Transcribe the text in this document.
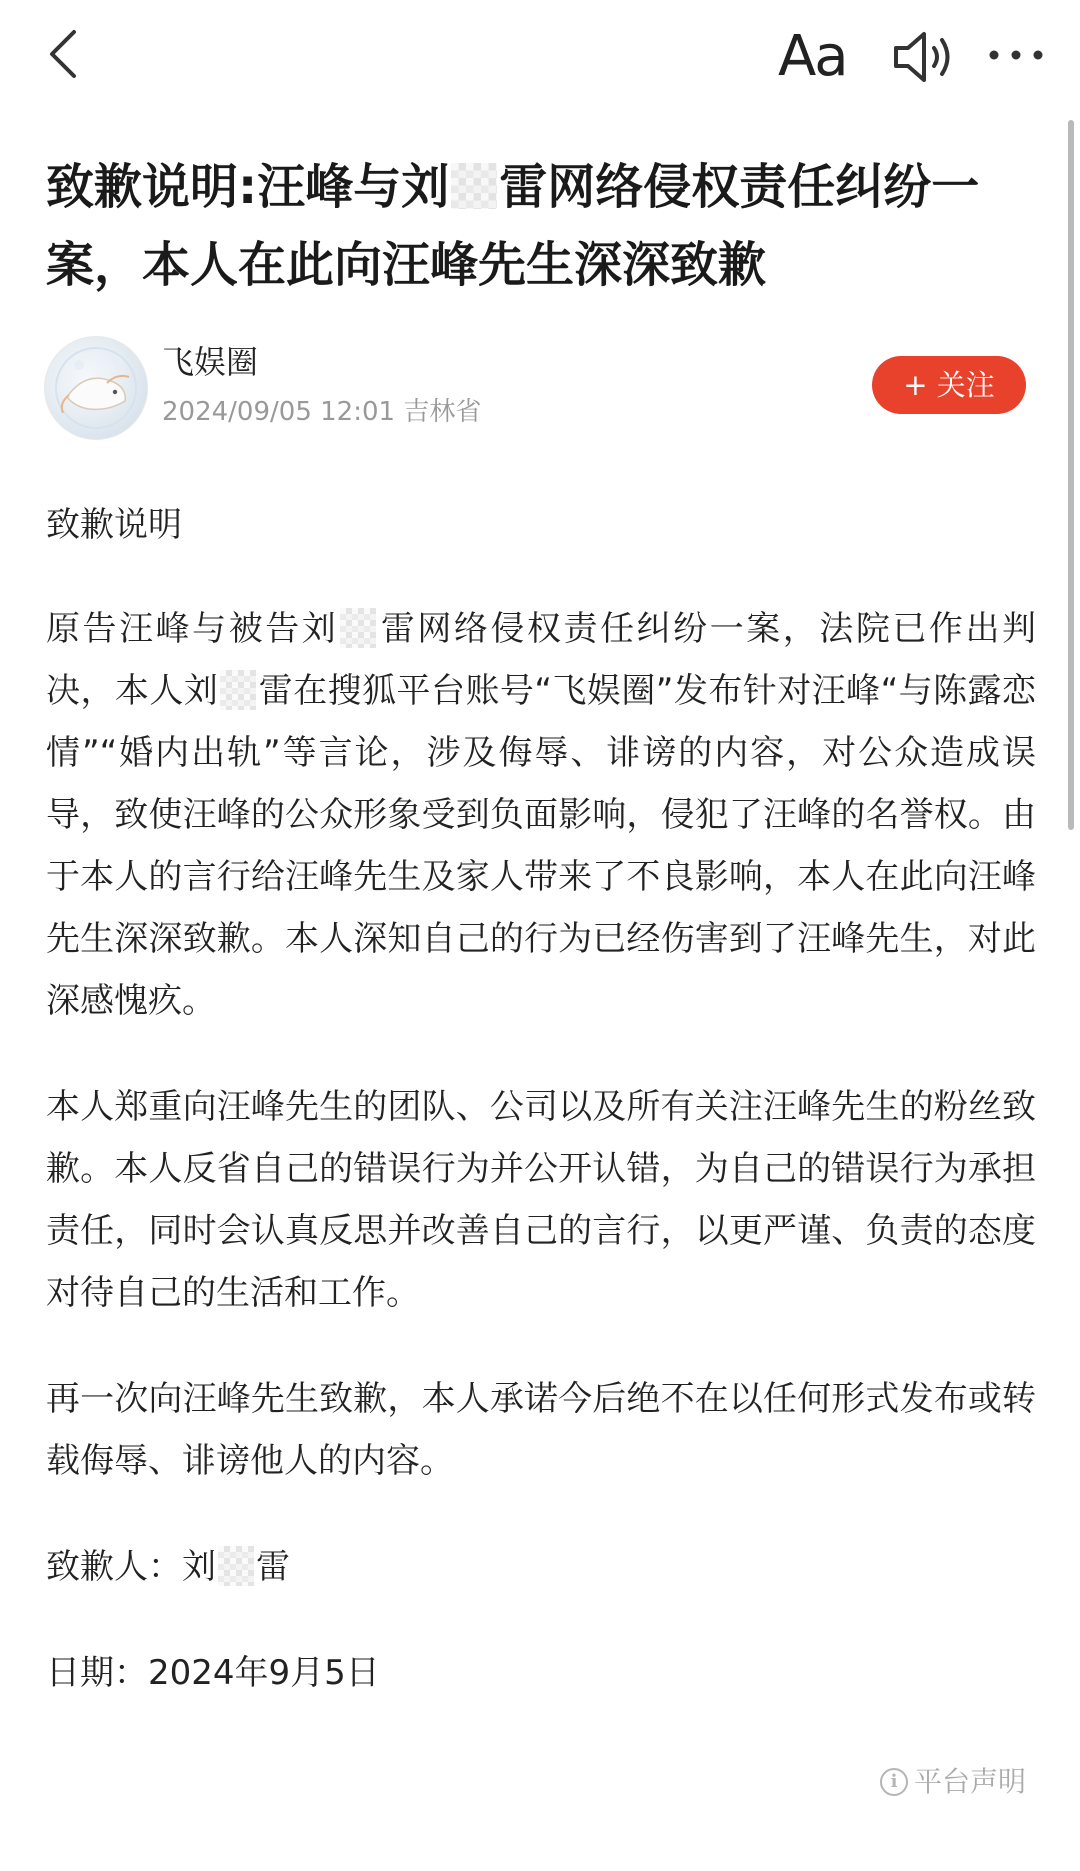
Aa
致歉说明:汪峰与刘 雷网络侵权责任纠纷一案，本人在此向汪峰先生深深致歉
飞娱圈
2024/09/05 12:01 吉林省
+ 关注

致歉说明

原告汪峰与被告刘 雷网络侵权责任纠纷一案，法院已作出判决，本人刘 雷在搜狐平台账号“飞娱圈”发布针对汪峰“与陈露恋情”“婚内出轨”等言论，涉及侮辱、诽谤的内容，对公众造成误导，致使汪峰的公众形象受到负面影响，侵犯了汪峰的名誉权。由于本人的言行给汪峰先生及家人带来了不良影响，本人在此向汪峰先生深深致歉。本人深知自己的行为已经伤害到了汪峰先生，对此深感愧疚。

本人郑重向汪峰先生的团队、公司以及所有关注汪峰先生的粉丝致歉。本人反省自己的错误行为并公开认错，为自己的错误行为承担责任，同时会认真反思并改善自己的言行，以更严谨、负责的态度对待自己的生活和工作。

再一次向汪峰先生致歉，本人承诺今后绝不在以任何形式发布或转载侮辱、诽谤他人的内容。

致歉人：刘 雷

日期：2024年9月5日

i 平台声明
